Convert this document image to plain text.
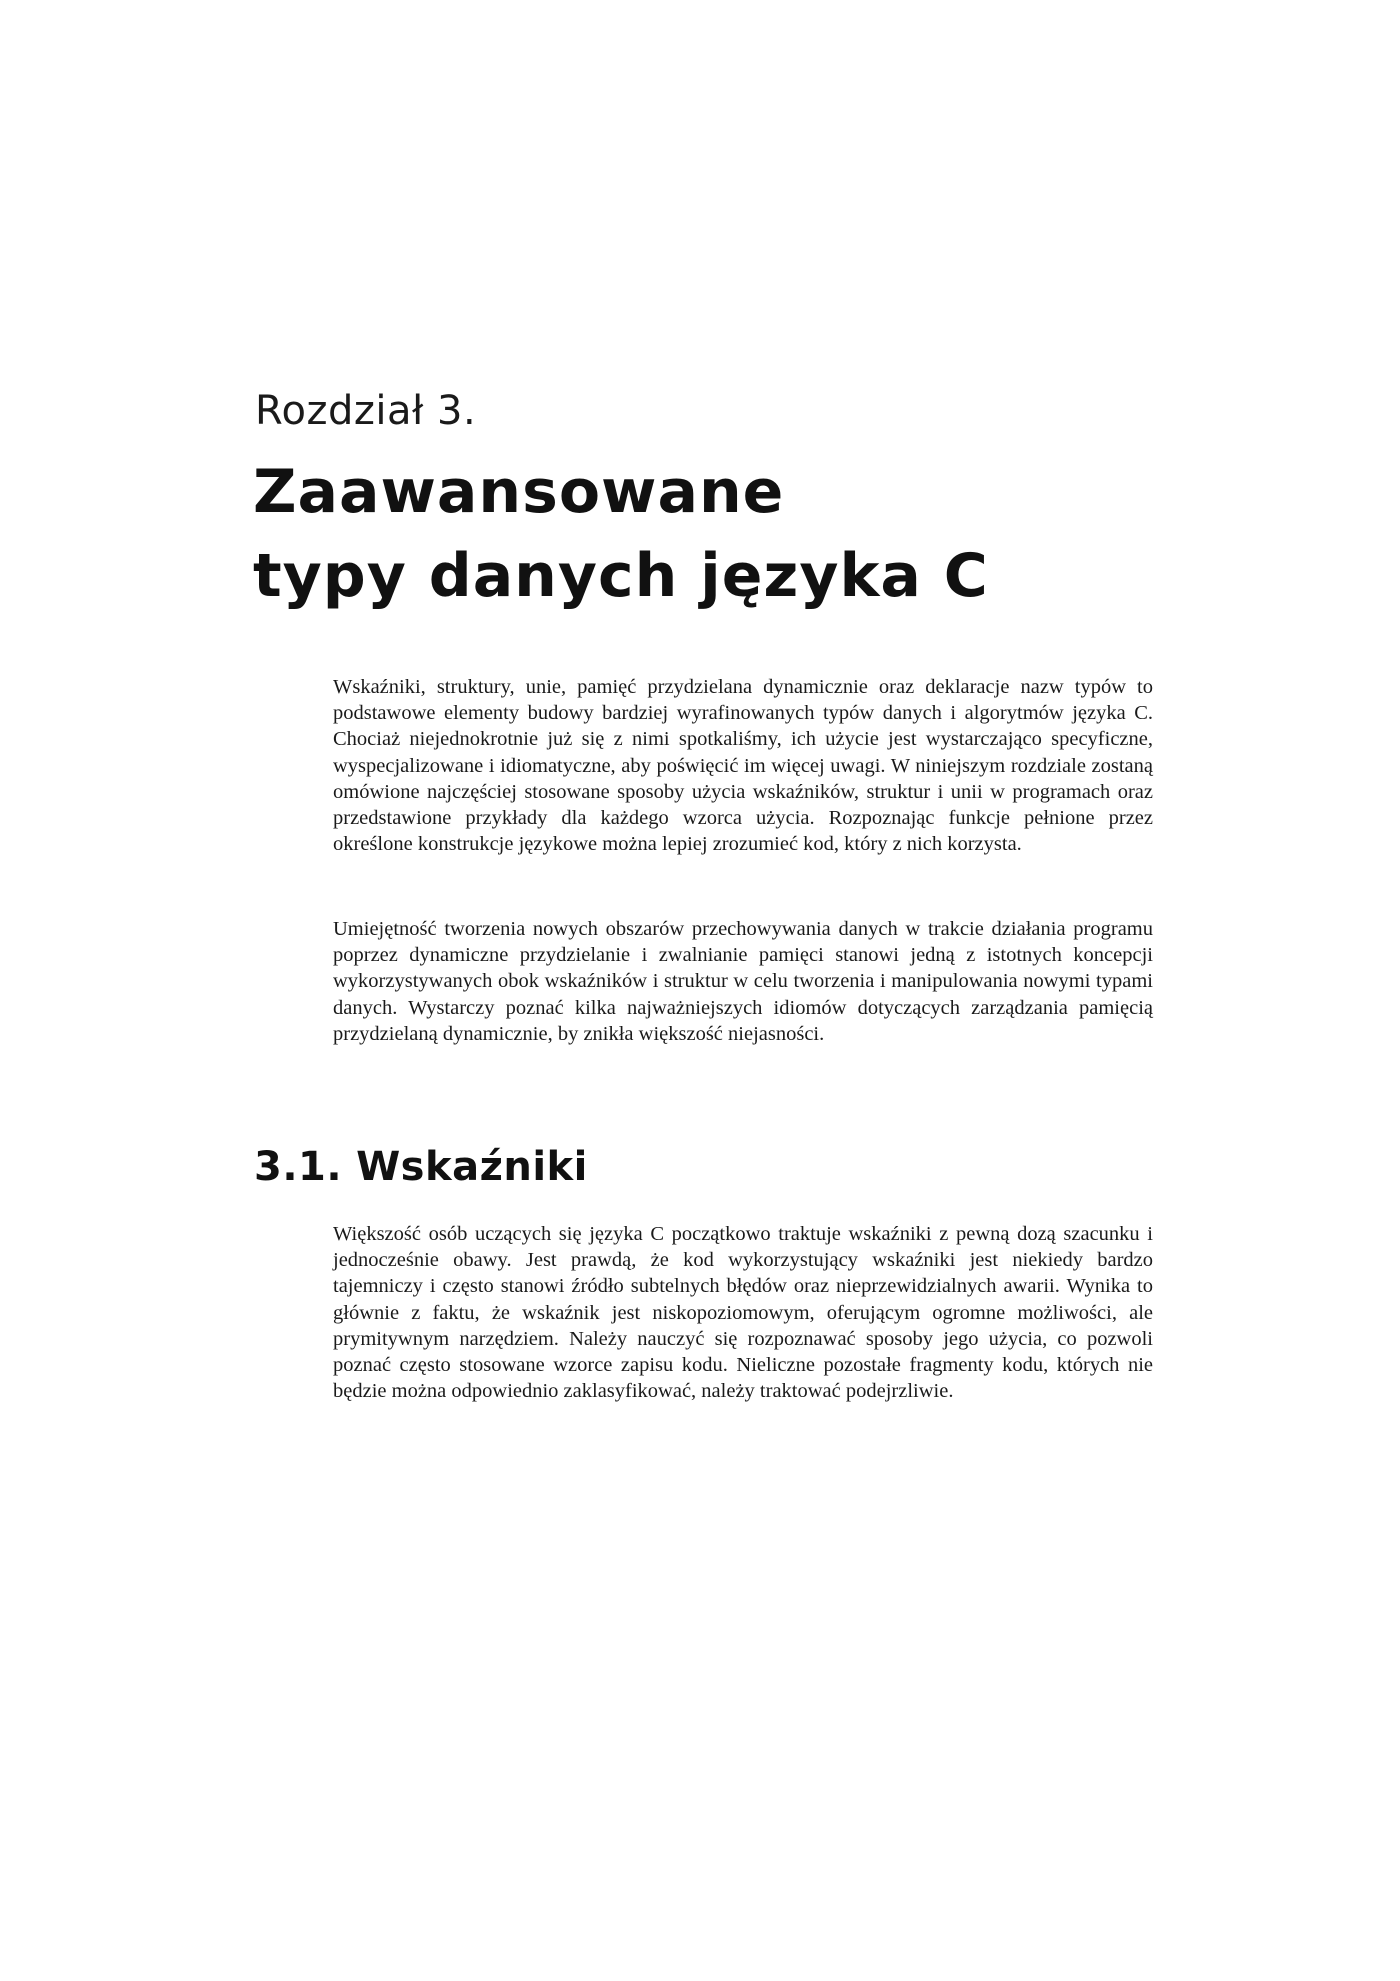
Rozdział 3.
Zaawansowane
typy danych języka C

Wskaźniki, struktury, unie, pamięć przydzielana dynamicznie oraz deklaracje nazw typów to podstawowe elementy budowy bardziej wyrafinowanych typów danych i algorytmów języka C. Chociaż niejednokrotnie już się z nimi spotkaliśmy, ich użycie jest wystarczająco specyficzne, wyspecjalizowane i idiomatyczne, aby poświęcić im więcej uwagi. W niniejszym rozdziale zostaną omówione najczęściej stosowane sposoby użycia wskaźników, struktur i unii w programach oraz przedstawione przykłady dla każdego wzorca użycia. Rozpoznając funkcje pełnione przez określone konstrukcje językowe można lepiej zrozumieć kod, który z nich korzysta.

Umiejętność tworzenia nowych obszarów przechowywania danych w trakcie działania programu poprzez dynamiczne przydzielanie i zwalnianie pamięci stanowi jedną z istotnych koncepcji wykorzystywanych obok wskaźników i struktur w celu tworzenia i manipulowania nowymi typami danych. Wystarczy poznać kilka najważniejszych idiomów dotyczących zarządzania pamięcią przydzielaną dynamicznie, by znikła większość niejasności.

3.1. Wskaźniki

Większość osób uczących się języka C początkowo traktuje wskaźniki z pewną dozą szacunku i jednocześnie obawy. Jest prawdą, że kod wykorzystujący wskaźniki jest niekiedy bardzo tajemniczy i często stanowi źródło subtelnych błędów oraz nieprzewidzialnych awarii. Wynika to głównie z faktu, że wskaźnik jest niskopoziomowym, oferującym ogromne możliwości, ale prymitywnym narzędziem. Należy nauczyć się rozpoznawać sposoby jego użycia, co pozwoli poznać często stosowane wzorce zapisu kodu. Nieliczne pozostałe fragmenty kodu, których nie będzie można odpowiednio zaklasyfikować, należy traktować podejrzliwie.
